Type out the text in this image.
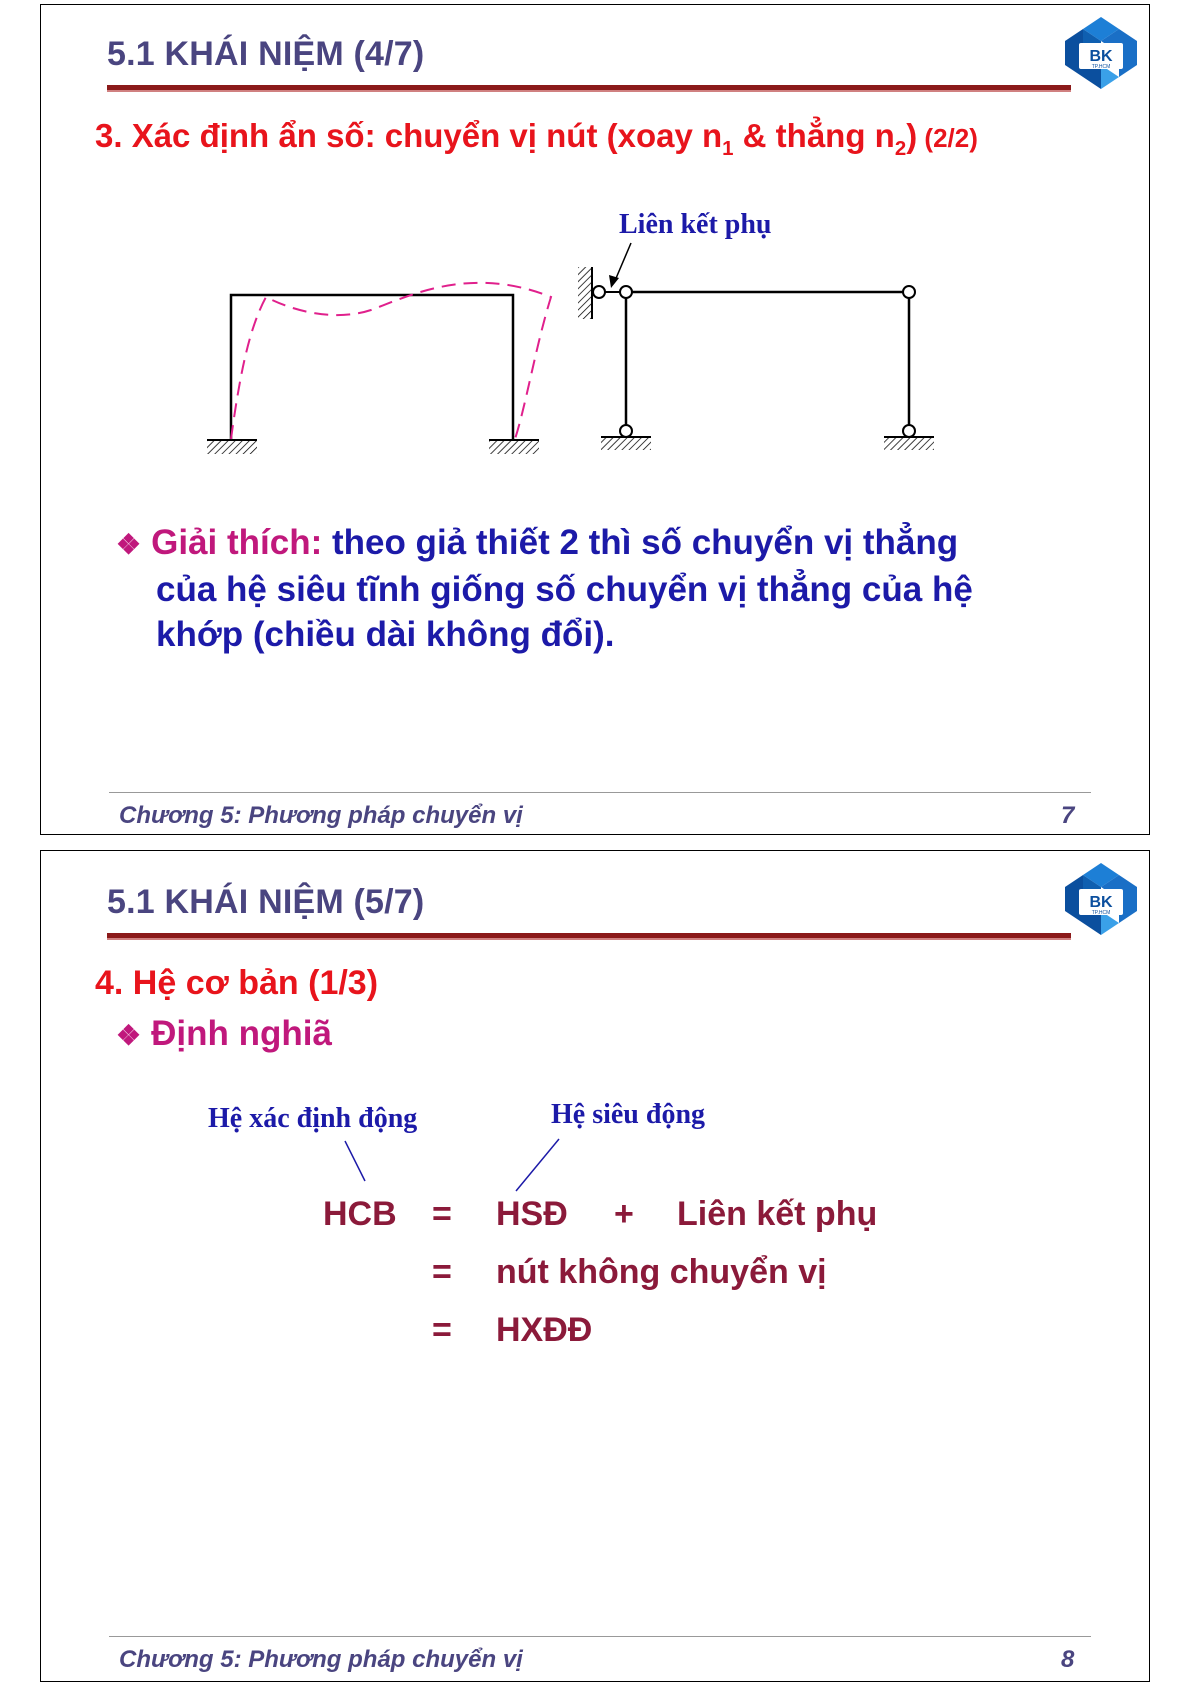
5.1 KHÁI NIỆM (4/7)	BK
TP.HCM
3. Xác định ẩn số: chuyển vị nút (xoay $n_1$ & thẳng $n_2$) (2/2)
Liên kết phụ
❖ Giải thích: theo giả thiết 2 thì số chuyển vị thẳng
của hệ siêu tĩnh giống số chuyển vị thẳng của hệ
khớp (chiều dài không đổi).
Chương 5: Phương pháp chuyển vị	7
5.1 KHÁI NIỆM (5/7)	BK
TP.HCM
4. Hệ cơ bản (1/3)
❖ Định nghiã
Hệ xác định động	Hệ siêu động
HCB = HSĐ + Liên kết phụ
= nút không chuyển vị
= HXĐĐ
Chương 5: Phương pháp chuyển vị	8
